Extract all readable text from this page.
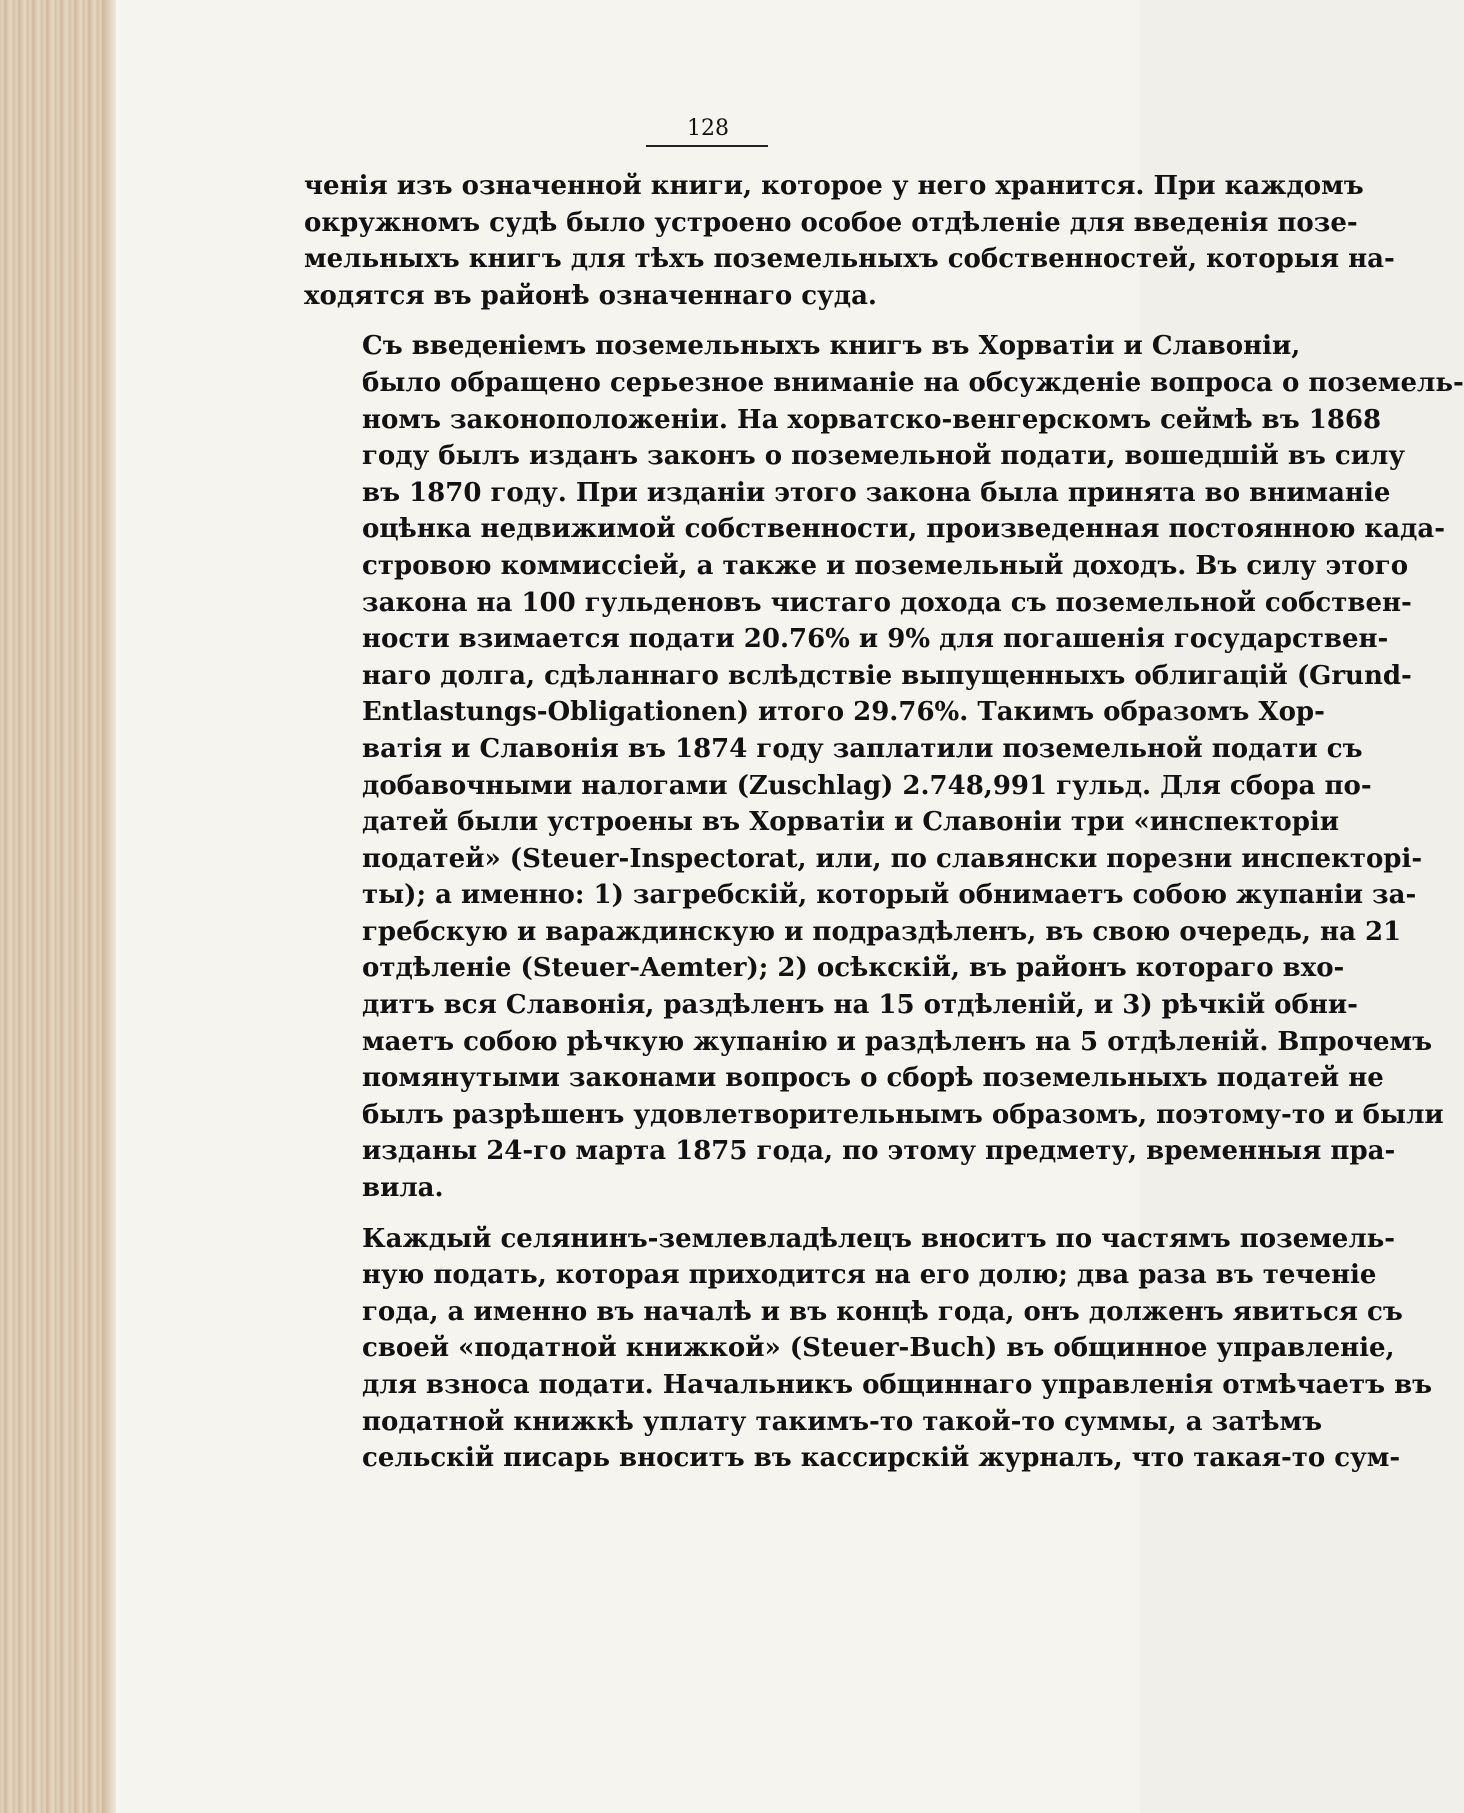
128

ченія изъ означенной книги, которое у него хранится. При каждомъ
окружномъ судѣ было устроено особое отдѣленіе для введенія позе-
мельныхъ книгъ для тѣхъ поземельныхъ собственностей, которыя на-
ходятся въ районѣ означеннаго суда.

Съ введеніемъ поземельныхъ книгъ въ Хорватіи и Славоніи,
было обращено серьезное вниманіе на обсужденіе вопроса о поземель-
номъ законоположеніи. На хорватско-венгерскомъ сеймѣ въ 1868
году былъ изданъ законъ о поземельной подати, вошедшій въ силу
въ 1870 году. При изданіи этого закона была принята во вниманіе
оцѣнка недвижимой собственности, произведенная постоянною када-
стровою коммиссіей, а также и поземельный доходъ. Въ силу этого
закона на 100 гульденовъ чистаго дохода съ поземельной собствен-
ности взимается подати 20.76% и 9% для погашенія государствен-
наго долга, сдѣланнаго вслѣдствіе выпущенныхъ облигацій (Grund-
Entlastungs-Obligationen) итого 29.76%. Такимъ образомъ Хор-
ватія и Славонія въ 1874 году заплатили поземельной подати съ
добавочными налогами (Zuschlag) 2.748,991 гульд. Для сбора по-
датей были устроены въ Хорватіи и Славоніи три «инспекторіи
податей» (Steuer-Inspectorat, или, по славянски порезни инспекторі-
ты); а именно: 1) загребскій, который обнимаетъ собою жупаніи за-
гребскую и вараждинскую и подраздѣленъ, въ свою очередь, на 21
отдѣленіе (Steuer-Aemter); 2) осѣкскій, въ районъ котораго вхо-
дитъ вся Славонія, раздѣленъ на 15 отдѣленій, и 3) рѣчкій обни-
маетъ собою рѣчкую жупанію и раздѣленъ на 5 отдѣленій. Впрочемъ
помянутыми законами вопросъ о сборѣ поземельныхъ податей не
былъ разрѣшенъ удовлетворительнымъ образомъ, поэтому-то и были
изданы 24-го марта 1875 года, по этому предмету, временныя пра-
вила.

Каждый селянинъ-землевладѣлецъ вноситъ по частямъ поземель-
ную подать, которая приходится на его долю; два раза въ теченіе
года, а именно въ началѣ и въ концѣ года, онъ долженъ явиться съ
своей «податной книжкой» (Steuer-Buch) въ общинное управленіе,
для взноса подати. Начальникъ общиннаго управленія отмѣчаетъ въ
податной книжкѣ уплату такимъ-то такой-то суммы, а затѣмъ
сельскій писарь вноситъ въ кассирскій журналъ, что такая-то сум-
